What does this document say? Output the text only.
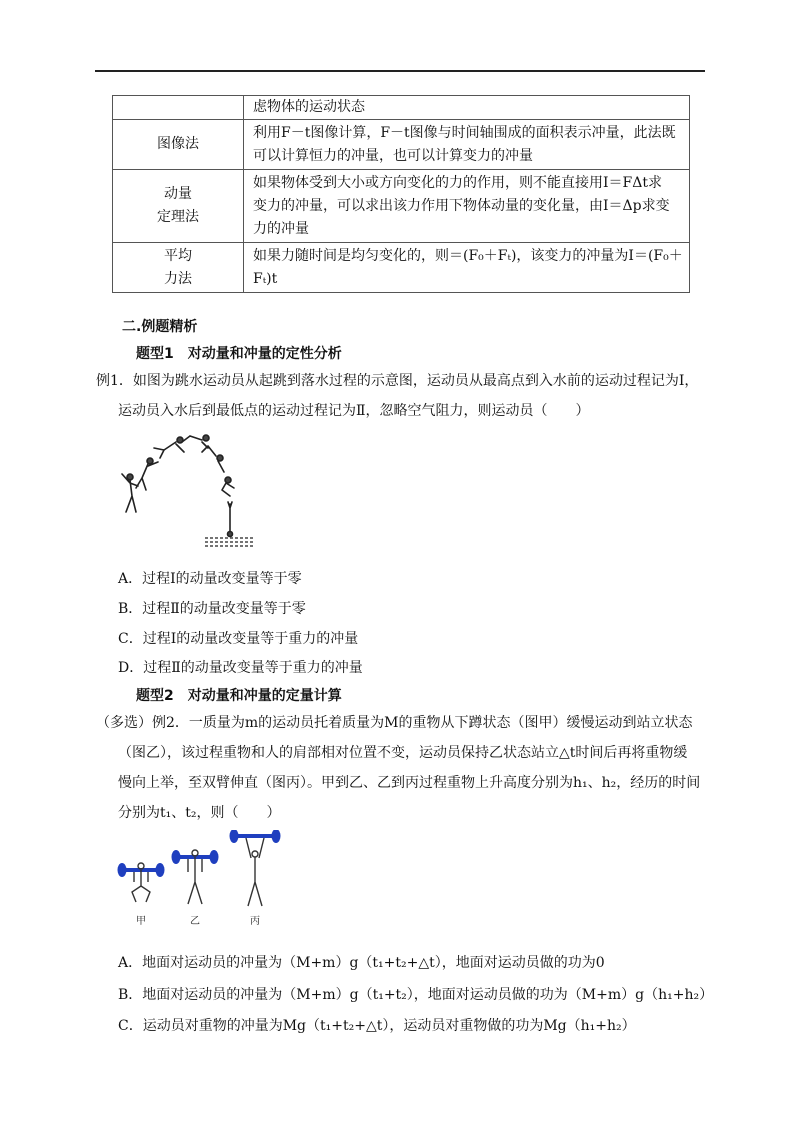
	虑物体的运动状态

图像法	利用F－t图像计算，F－t图像与时间轴围成的面积表示冲量，此法既
可以计算恒力的冲量，也可以计算变力的冲量

动量
定理法	如果物体受到大小或方向变化的力的作用，则不能直接用I＝FΔt求
变力的冲量，可以求出该力作用下物体动量的变化量，由I＝Δp求变
力的冲量

平均
力法	如果力随时间是均匀变化的，则＝(F₀＋Fₜ)，该变力的冲量为I＝(F₀＋
Fₜ)t
二.例题精析
题型1　对动量和冲量的定性分析
例1．如图为跳水运动员从起跳到落水过程的示意图，运动员从最高点到入水前的运动过程记为Ⅰ，
运动员入水后到最低点的运动过程记为Ⅱ，忽略空气阻力，则运动员（　　）
A．过程Ⅰ的动量改变量等于零
B．过程Ⅱ的动量改变量等于零
C．过程Ⅰ的动量改变量等于重力的冲量
D．过程Ⅱ的动量改变量等于重力的冲量
题型2　对动量和冲量的定量计算
（多选）例2．一质量为m的运动员托着质量为M的重物从下蹲状态（图甲）缓慢运动到站立状态
（图乙），该过程重物和人的肩部相对位置不变，运动员保持乙状态站立△t时间后再将重物缓
慢向上举，至双臂伸直（图丙）。甲到乙、乙到丙过程重物上升高度分别为h₁、h₂，经历的时间
分别为t₁、t₂，则（　　）
甲	乙	丙
A．地面对运动员的冲量为（M+m）g（t₁+t₂+△t），地面对运动员做的功为0
B．地面对运动员的冲量为（M+m）g（t₁+t₂），地面对运动员做的功为（M+m）g（h₁+h₂）
C．运动员对重物的冲量为Mg（t₁+t₂+△t），运动员对重物做的功为Mg（h₁+h₂）
